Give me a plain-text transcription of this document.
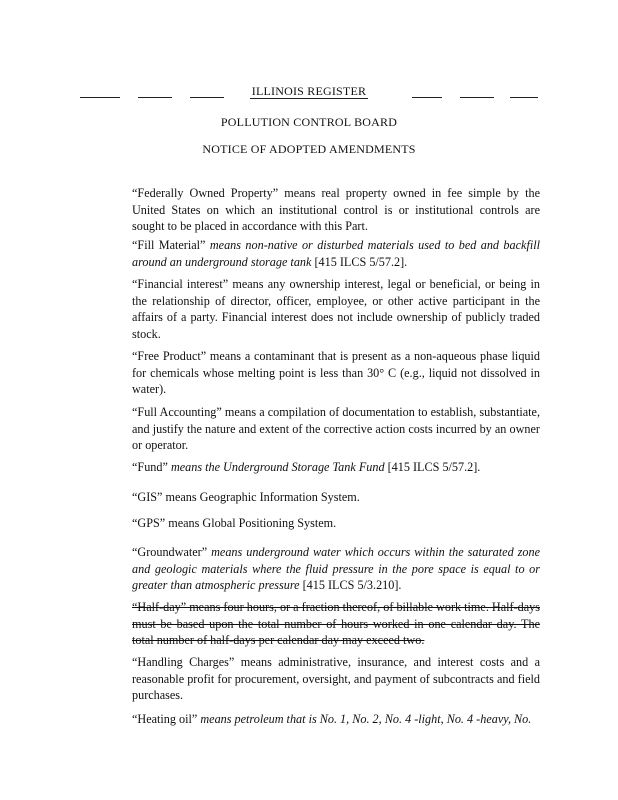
ILLINOIS REGISTER
POLLUTION CONTROL BOARD
NOTICE OF ADOPTED AMENDMENTS

“Federally Owned Property” means real property owned in fee simple by the United States on which an institutional control is or institutional controls are sought to be placed in accordance with this Part.

“Fill Material” means non-native or disturbed materials used to bed and backfill around an underground storage tank [415 ILCS 5/57.2].

“Financial interest” means any ownership interest, legal or beneficial, or being in the relationship of director, officer, employee, or other active participant in the affairs of a party. Financial interest does not include ownership of publicly traded stock.

“Free Product” means a contaminant that is present as a non-aqueous phase liquid for chemicals whose melting point is less than 30° C (e.g., liquid not dissolved in water).

“Full Accounting” means a compilation of documentation to establish, substantiate, and justify the nature and extent of the corrective action costs incurred by an owner or operator.

“Fund” means the Underground Storage Tank Fund [415 ILCS 5/57.2].

“GIS” means Geographic Information System.

“GPS” means Global Positioning System.

“Groundwater” means underground water which occurs within the saturated zone and geologic materials where the fluid pressure in the pore space is equal to or greater than atmospheric pressure [415 ILCS 5/3.210].

“Half-day” means four hours, or a fraction thereof, of billable work time. Half-days must be based upon the total number of hours worked in one calendar day. The total number of half-days per calendar day may exceed two.

“Handling Charges” means administrative, insurance, and interest costs and a reasonable profit for procurement, oversight, and payment of subcontracts and field purchases.

“Heating oil” means petroleum that is No. 1, No. 2, No. 4 -light, No. 4 -heavy, No.
